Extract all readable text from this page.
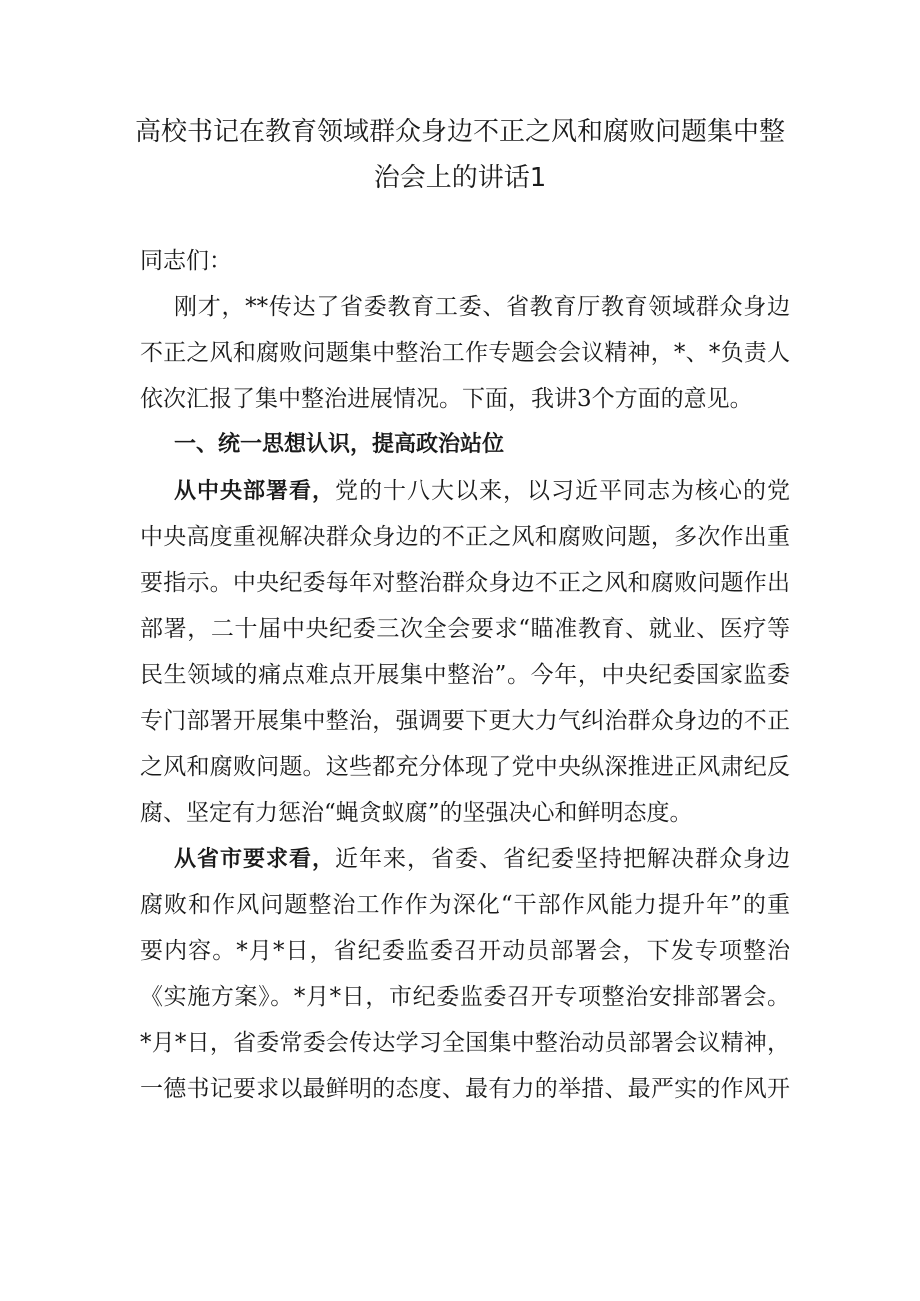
高校书记在教育领域群众身边不正之风和腐败问题集中整
治会上的讲话1
同志们：
刚才，**传达了省委教育工委、省教育厅教育领域群众身边
不正之风和腐败问题集中整治工作专题会会议精神，*、*负责人
依次汇报了集中整治进展情况。下面，我讲3个方面的意见。
一、统一思想认识，提高政治站位
从中央部署看，党的十八大以来，以习近平同志为核心的党
中央高度重视解决群众身边的不正之风和腐败问题，多次作出重
要指示。中央纪委每年对整治群众身边不正之风和腐败问题作出
部署，二十届中央纪委三次全会要求“瞄准教育、就业、医疗等
民生领域的痛点难点开展集中整治”。今年，中央纪委国家监委
专门部署开展集中整治，强调要下更大力气纠治群众身边的不正
之风和腐败问题。这些都充分体现了党中央纵深推进正风肃纪反
腐、坚定有力惩治“蝇贪蚁腐”的坚强决心和鲜明态度。
从省市要求看，近年来，省委、省纪委坚持把解决群众身边
腐败和作风问题整治工作作为深化“干部作风能力提升年”的重
要内容。*月*日，省纪委监委召开动员部署会，下发专项整治
《实施方案》。*月*日，市纪委监委召开专项整治安排部署会。
*月*日，省委常委会传达学习全国集中整治动员部署会议精神，
一德书记要求以最鲜明的态度、最有力的举措、最严实的作风开
